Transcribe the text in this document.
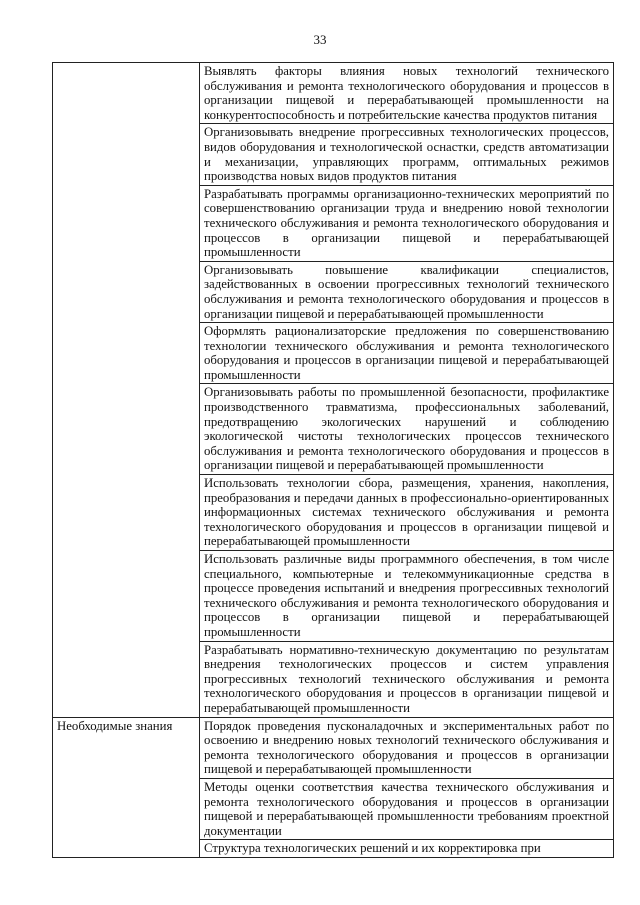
33
	Выявлять факторы влияния новых технологий технического обслуживания и ремонта технологического оборудования и процессов в организации пищевой и перерабатывающей промышленности на конкурентоспособность и потребительские качества продуктов питания
	Организовывать внедрение прогрессивных технологических процессов, видов оборудования и технологической оснастки, средств автоматизации и механизации, управляющих программ, оптимальных режимов производства новых видов продуктов питания
	Разрабатывать программы организационно-технических мероприятий по совершенствованию организации труда и внедрению новой технологии технического обслуживания и ремонта технологического оборудования и процессов в организации пищевой и перерабатывающей промышленности
	Организовывать повышение квалификации специалистов, задействованных в освоении прогрессивных технологий технического обслуживания и ремонта технологического оборудования и процессов в организации пищевой и перерабатывающей промышленности
	Оформлять рационализаторские предложения по совершенствованию технологии технического обслуживания и ремонта технологического оборудования и процессов в организации пищевой и перерабатывающей промышленности
	Организовывать работы по промышленной безопасности, профилактике производственного травматизма, профессиональных заболеваний, предотвращению экологических нарушений и соблюдению экологической чистоты технологических процессов технического обслуживания и ремонта технологического оборудования и процессов в организации пищевой и перерабатывающей промышленности
	Использовать технологии сбора, размещения, хранения, накопления, преобразования и передачи данных в профессионально-ориентированных информационных системах технического обслуживания и ремонта технологического оборудования и процессов в организации пищевой и перерабатывающей промышленности
	Использовать различные виды программного обеспечения, в том числе специального, компьютерные и телекоммуникационные средства в процессе проведения испытаний и внедрения прогрессивных технологий технического обслуживания и ремонта технологического оборудования и процессов в организации пищевой и перерабатывающей промышленности
	Разрабатывать нормативно-техническую документацию по результатам внедрения технологических процессов и систем управления прогрессивных технологий технического обслуживания и ремонта технологического оборудования и процессов в организации пищевой и перерабатывающей промышленности
Необходимые знания	Порядок проведения пусконаладочных и экспериментальных работ по освоению и внедрению новых технологий технического обслуживания и ремонта технологического оборудования и процессов в организации пищевой и перерабатывающей промышленности
	Методы оценки соответствия качества технического обслуживания и ремонта технологического оборудования и процессов в организации пищевой и перерабатывающей промышленности требованиям проектной документации
	Структура технологических решений и их корректировка при
